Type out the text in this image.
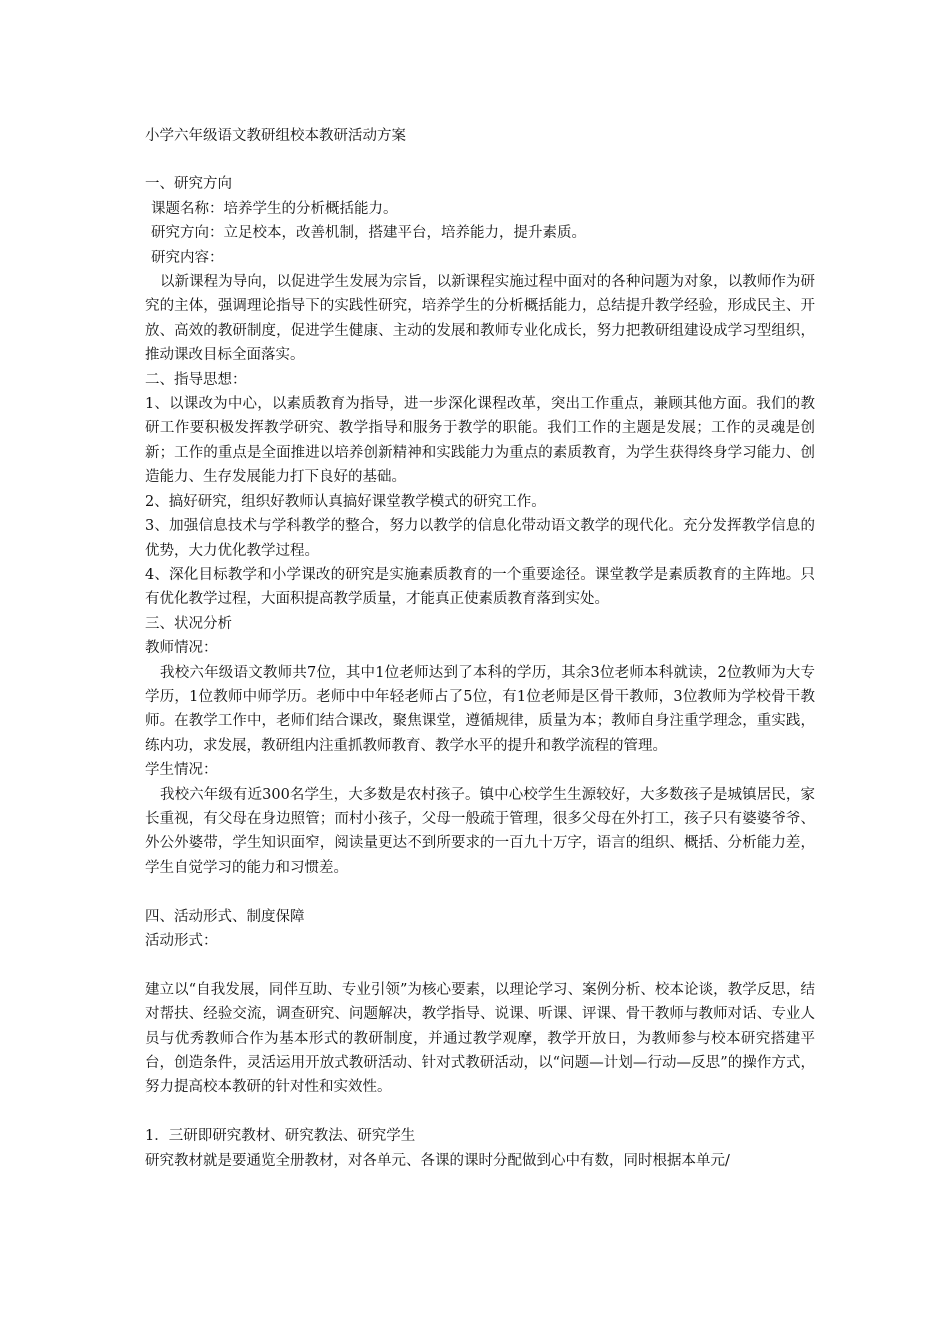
小学六年级语文教研组校本教研活动方案
一、研究方向
课题名称：培养学生的分析概括能力。
研究方向：立足校本，改善机制，搭建平台，培养能力，提升素质。
研究内容：
以新课程为导向，以促进学生发展为宗旨，以新课程实施过程中面对的各种问题为对象，以教师作为研究的主体，强调理论指导下的实践性研究，培养学生的分析概括能力，总结提升教学经验，形成民主、开放、高效的教研制度，促进学生健康、主动的发展和教师专业化成长，努力把教研组建设成学习型组织，推动课改目标全面落实。
二、指导思想：
1、以课改为中心，以素质教育为指导，进一步深化课程改革，突出工作重点，兼顾其他方面。我们的教研工作要积极发挥教学研究、教学指导和服务于教学的职能。我们工作的主题是发展；工作的灵魂是创新；工作的重点是全面推进以培养创新精神和实践能力为重点的素质教育，为学生获得终身学习能力、创造能力、生存发展能力打下良好的基础。
2、搞好研究，组织好教师认真搞好课堂教学模式的研究工作。
3、加强信息技术与学科教学的整合，努力以教学的信息化带动语文教学的现代化。充分发挥教学信息的优势，大力优化教学过程。
4、深化目标教学和小学课改的研究是实施素质教育的一个重要途径。课堂教学是素质教育的主阵地。只有优化教学过程，大面积提高教学质量，才能真正使素质教育落到实处。
三、状况分析
教师情况：
我校六年级语文教师共7位，其中1位老师达到了本科的学历，其余3位老师本科就读，2位教师为大专学历，1位教师中师学历。老师中中年轻老师占了5位，有1位老师是区骨干教师，3位教师为学校骨干教师。在教学工作中，老师们结合课改，聚焦课堂，遵循规律，质量为本；教师自身注重学理念，重实践，练内功，求发展，教研组内注重抓教师教育、教学水平的提升和教学流程的管理。
学生情况：
我校六年级有近300名学生，大多数是农村孩子。镇中心校学生生源较好，大多数孩子是城镇居民，家长重视，有父母在身边照管；而村小孩子，父母一般疏于管理，很多父母在外打工，孩子只有婆婆爷爷、外公外婆带，学生知识面窄，阅读量更达不到所要求的一百九十万字，语言的组织、概括、分析能力差，学生自觉学习的能力和习惯差。
四、活动形式、制度保障
活动形式：
建立以“自我发展，同伴互助、专业引领”为核心要素，以理论学习、案例分析、校本论谈，教学反思，结对帮扶、经验交流，调查研究、问题解决，教学指导、说课、听课、评课、骨干教师与教师对话、专业人员与优秀教师合作为基本形式的教研制度，并通过教学观摩，教学开放日，为教师参与校本研究搭建平台，创造条件，灵活运用开放式教研活动、针对式教研活动，以“问题—计划—行动—反思”的操作方式，努力提高校本教研的针对性和实效性。
1．三研即研究教材、研究教法、研究学生
研究教材就是要通览全册教材，对各单元、各课的课时分配做到心中有数，同时根据本单元/
